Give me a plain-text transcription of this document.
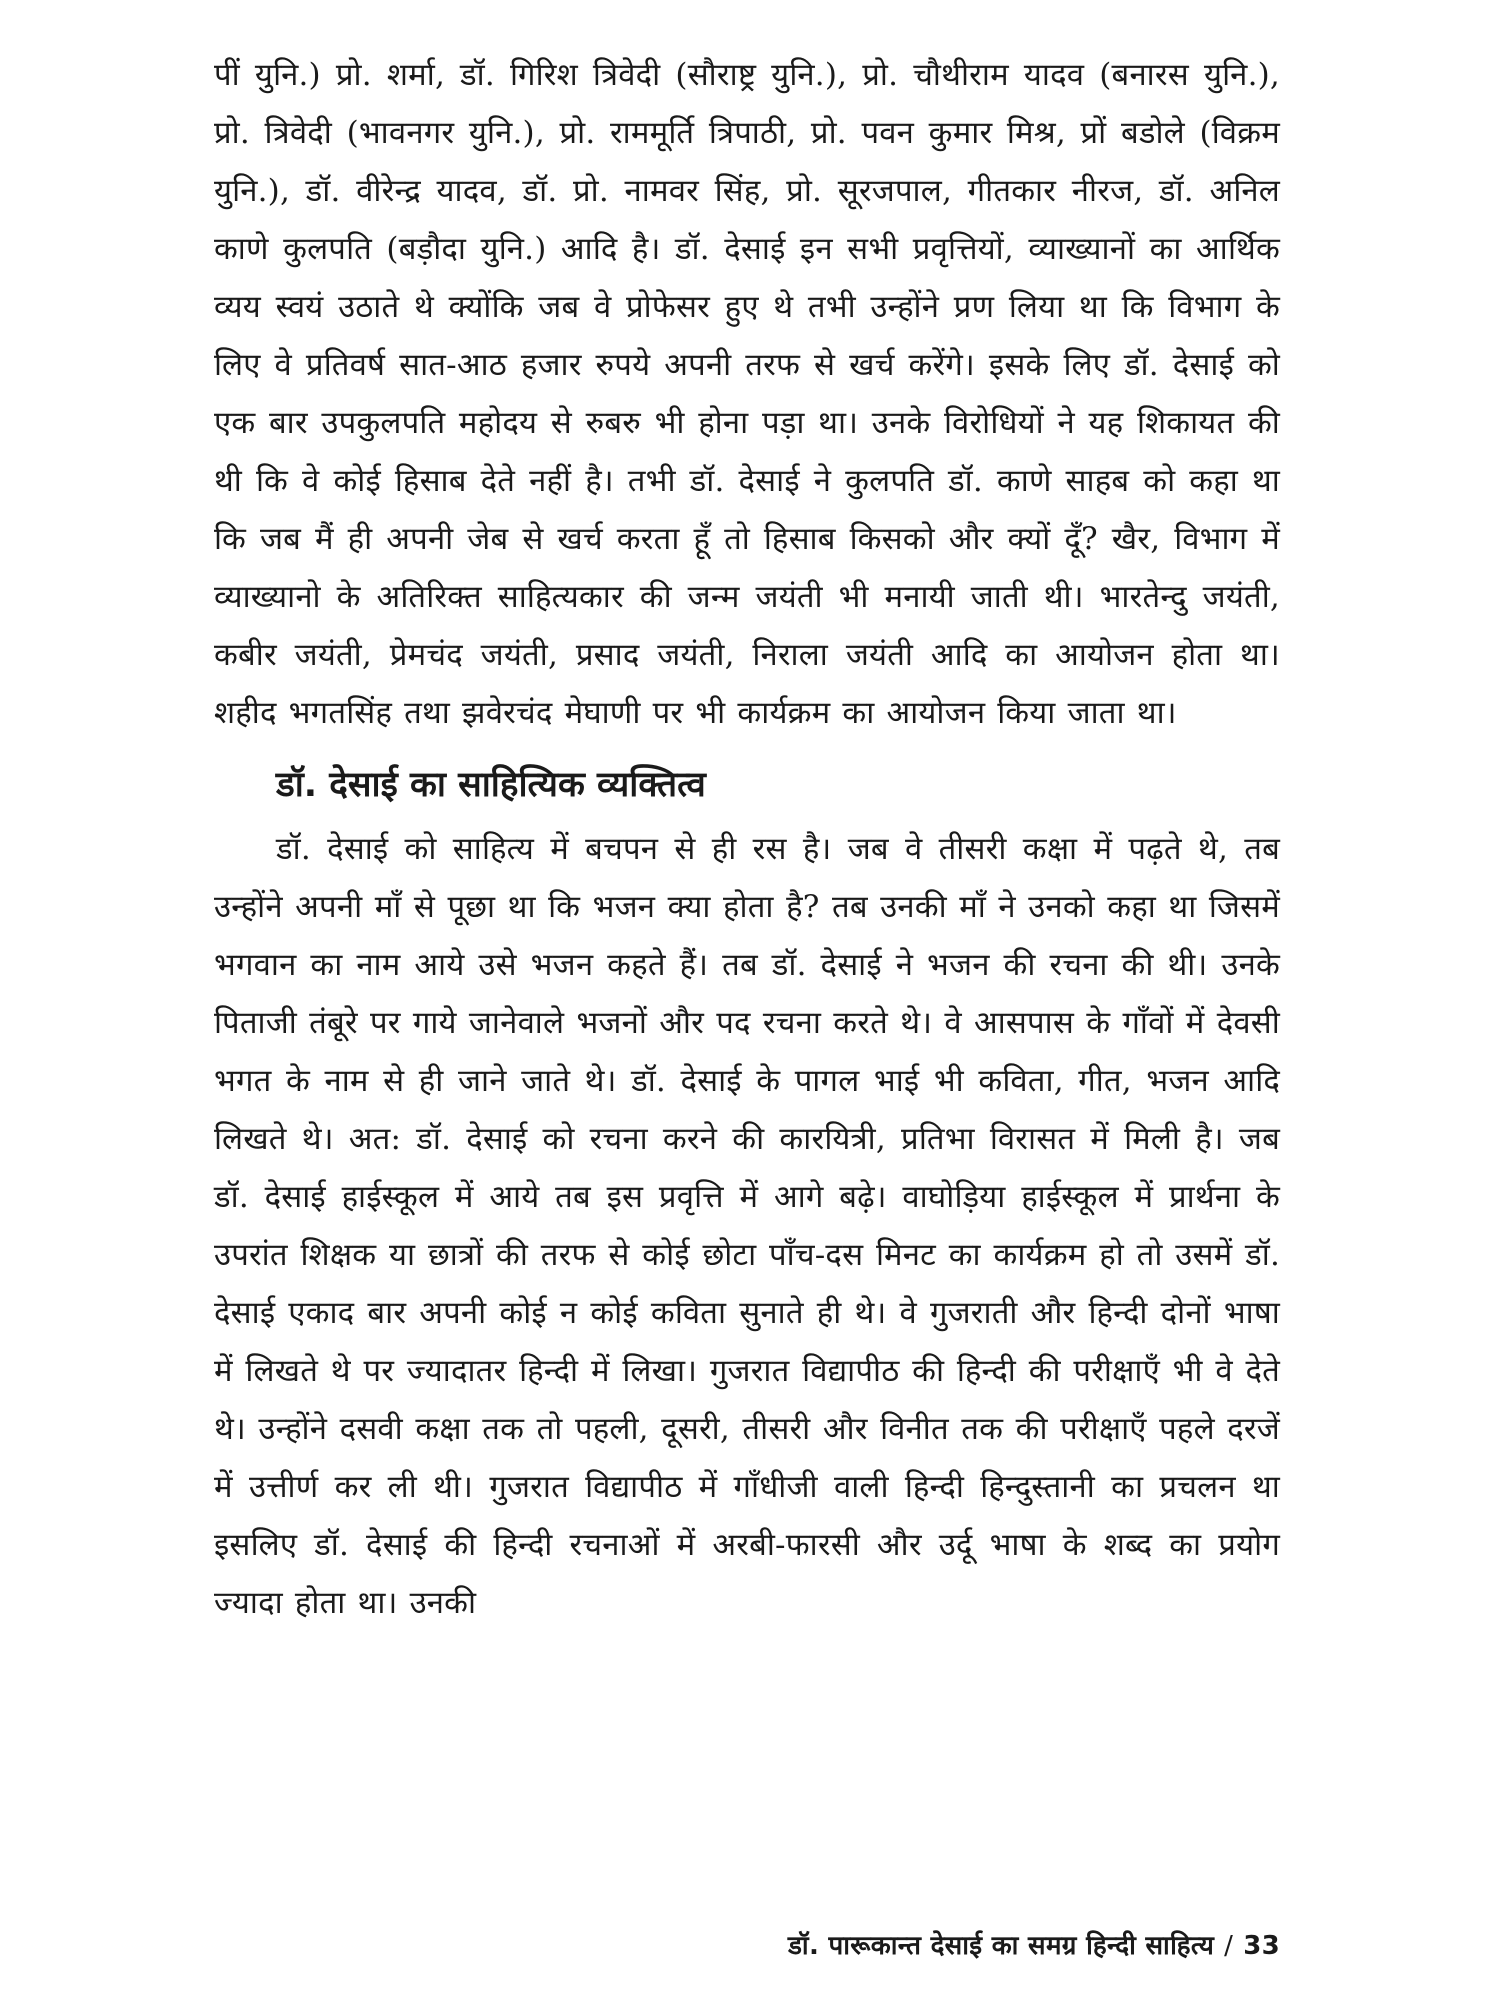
पीं युनि.) प्रो. शर्मा, डॉ. गिरिश त्रिवेदी (सौराष्ट्र युनि.), प्रो. चौथीराम यादव (बनारस युनि.), प्रो. त्रिवेदी (भावनगर युनि.), प्रो. राममूर्ति त्रिपाठी, प्रो. पवन कुमार मिश्र, प्रों बडोले (विक्रम युनि.), डॉ. वीरेन्द्र यादव, डॉ. प्रो. नामवर सिंह, प्रो. सूरजपाल, गीतकार नीरज, डॉ. अनिल काणे कुलपति (बड़ौदा युनि.) आदि है। डॉ. देसाई इन सभी प्रवृत्तियों, व्याख्यानों का आर्थिक व्यय स्वयं उठाते थे क्योंकि जब वे प्रोफेसर हुए थे तभी उन्होंने प्रण लिया था कि विभाग के लिए वे प्रतिवर्ष सात-आठ हजार रुपये अपनी तरफ से खर्च करेंगे। इसके लिए डॉ. देसाई को एक बार उपकुलपति महोदय से रुबरु भी होना पड़ा था। उनके विरोधियों ने यह शिकायत की थी कि वे कोई हिसाब देते नहीं है। तभी डॉ. देसाई ने कुलपति डॉ. काणे साहब को कहा था कि जब मैं ही अपनी जेब से खर्च करता हूँ तो हिसाब किसको और क्यों दूँ? खैर, विभाग में व्याख्यानो के अतिरिक्त साहित्यकार की जन्म जयंती भी मनायी जाती थी। भारतेन्दु जयंती, कबीर जयंती, प्रेमचंद जयंती, प्रसाद जयंती, निराला जयंती आदि का आयोजन होता था। शहीद भगतसिंह तथा झवेरचंद मेघाणी पर भी कार्यक्रम का आयोजन किया जाता था।

डॉ. देसाई का साहित्यिक व्यक्तित्व

डॉ. देसाई को साहित्य में बचपन से ही रस है। जब वे तीसरी कक्षा में पढ़ते थे, तब उन्होंने अपनी माँ से पूछा था कि भजन क्या होता है? तब उनकी माँ ने उनको कहा था जिसमें भगवान का नाम आये उसे भजन कहते हैं। तब डॉ. देसाई ने भजन की रचना की थी। उनके पिताजी तंबूरे पर गाये जानेवाले भजनों और पद रचना करते थे। वे आसपास के गाँवों में देवसी भगत के नाम से ही जाने जाते थे। डॉ. देसाई के पागल भाई भी कविता, गीत, भजन आदि लिखते थे। अत: डॉ. देसाई को रचना करने की कारयित्री, प्रतिभा विरासत में मिली है। जब डॉ. देसाई हाईस्कूल में आये तब इस प्रवृत्ति में आगे बढ़े। वाघोड़िया हाईस्कूल में प्रार्थना के उपरांत शिक्षक या छात्रों की तरफ से कोई छोटा पाँच-दस मिनट का कार्यक्रम हो तो उसमें डॉ. देसाई एकाद बार अपनी कोई न कोई कविता सुनाते ही थे। वे गुजराती और हिन्दी दोनों भाषा में लिखते थे पर ज्यादातर हिन्दी में लिखा। गुजरात विद्यापीठ की हिन्दी की परीक्षाएँ भी वे देते थे। उन्होंने दसवी कक्षा तक तो पहली, दूसरी, तीसरी और विनीत तक की परीक्षाएँ पहले दरजें में उत्तीर्ण कर ली थी। गुजरात विद्यापीठ में गाँधीजी वाली हिन्दी हिन्दुस्तानी का प्रचलन था इसलिए डॉ. देसाई की हिन्दी रचनाओं में अरबी-फारसी और उर्दू भाषा के शब्द का प्रयोग ज्यादा होता था। उनकी

डॉ. पारूकान्त देसाई का समग्र हिन्दी साहित्य / 33
